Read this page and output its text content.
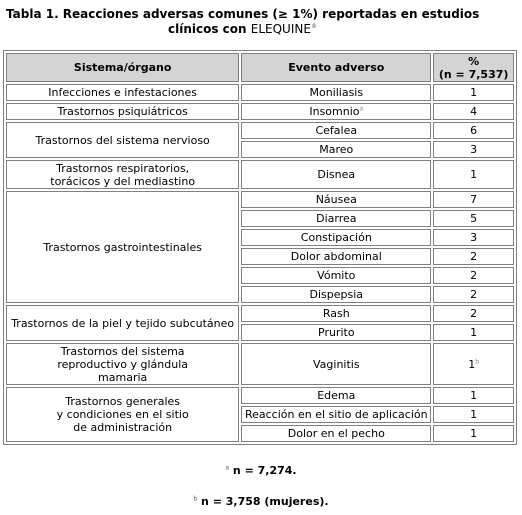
Tabla 1. Reacciones adversas comunes (≥ 1%) reportadas en estudios
clínicos con ELEQUINE®
Sistema/órgano	Evento adverso	%
(n = 7,537)
Infecciones e infestaciones	Moniliasis	1
Trastornos psiquiátricos	Insomnio$^a$	4
Trastornos del sistema nervioso	Cefalea	6
	Mareo	3
Trastornos respiratorios,
torácicos y del mediastino	Disnea	1
Trastornos gastrointestinales	Náusea	7
	Diarrea	5
	Constipación	3
	Dolor abdominal	2
	Vómito	2
	Dispepsia	2
Trastornos de la piel y tejido subcutáneo	Rash	2
	Prurito	1
Trastornos del sistema
reproductivo y glándula
mamaria	Vaginitis	1$^b$
Trastornos generales
y condiciones en el sitio
de administración	Edema	1
	Reacción en el sitio de aplicación	1
	Dolor en el pecho	1
$^a$ n = 7,274.
$^b$ n = 3,758 (mujeres).
